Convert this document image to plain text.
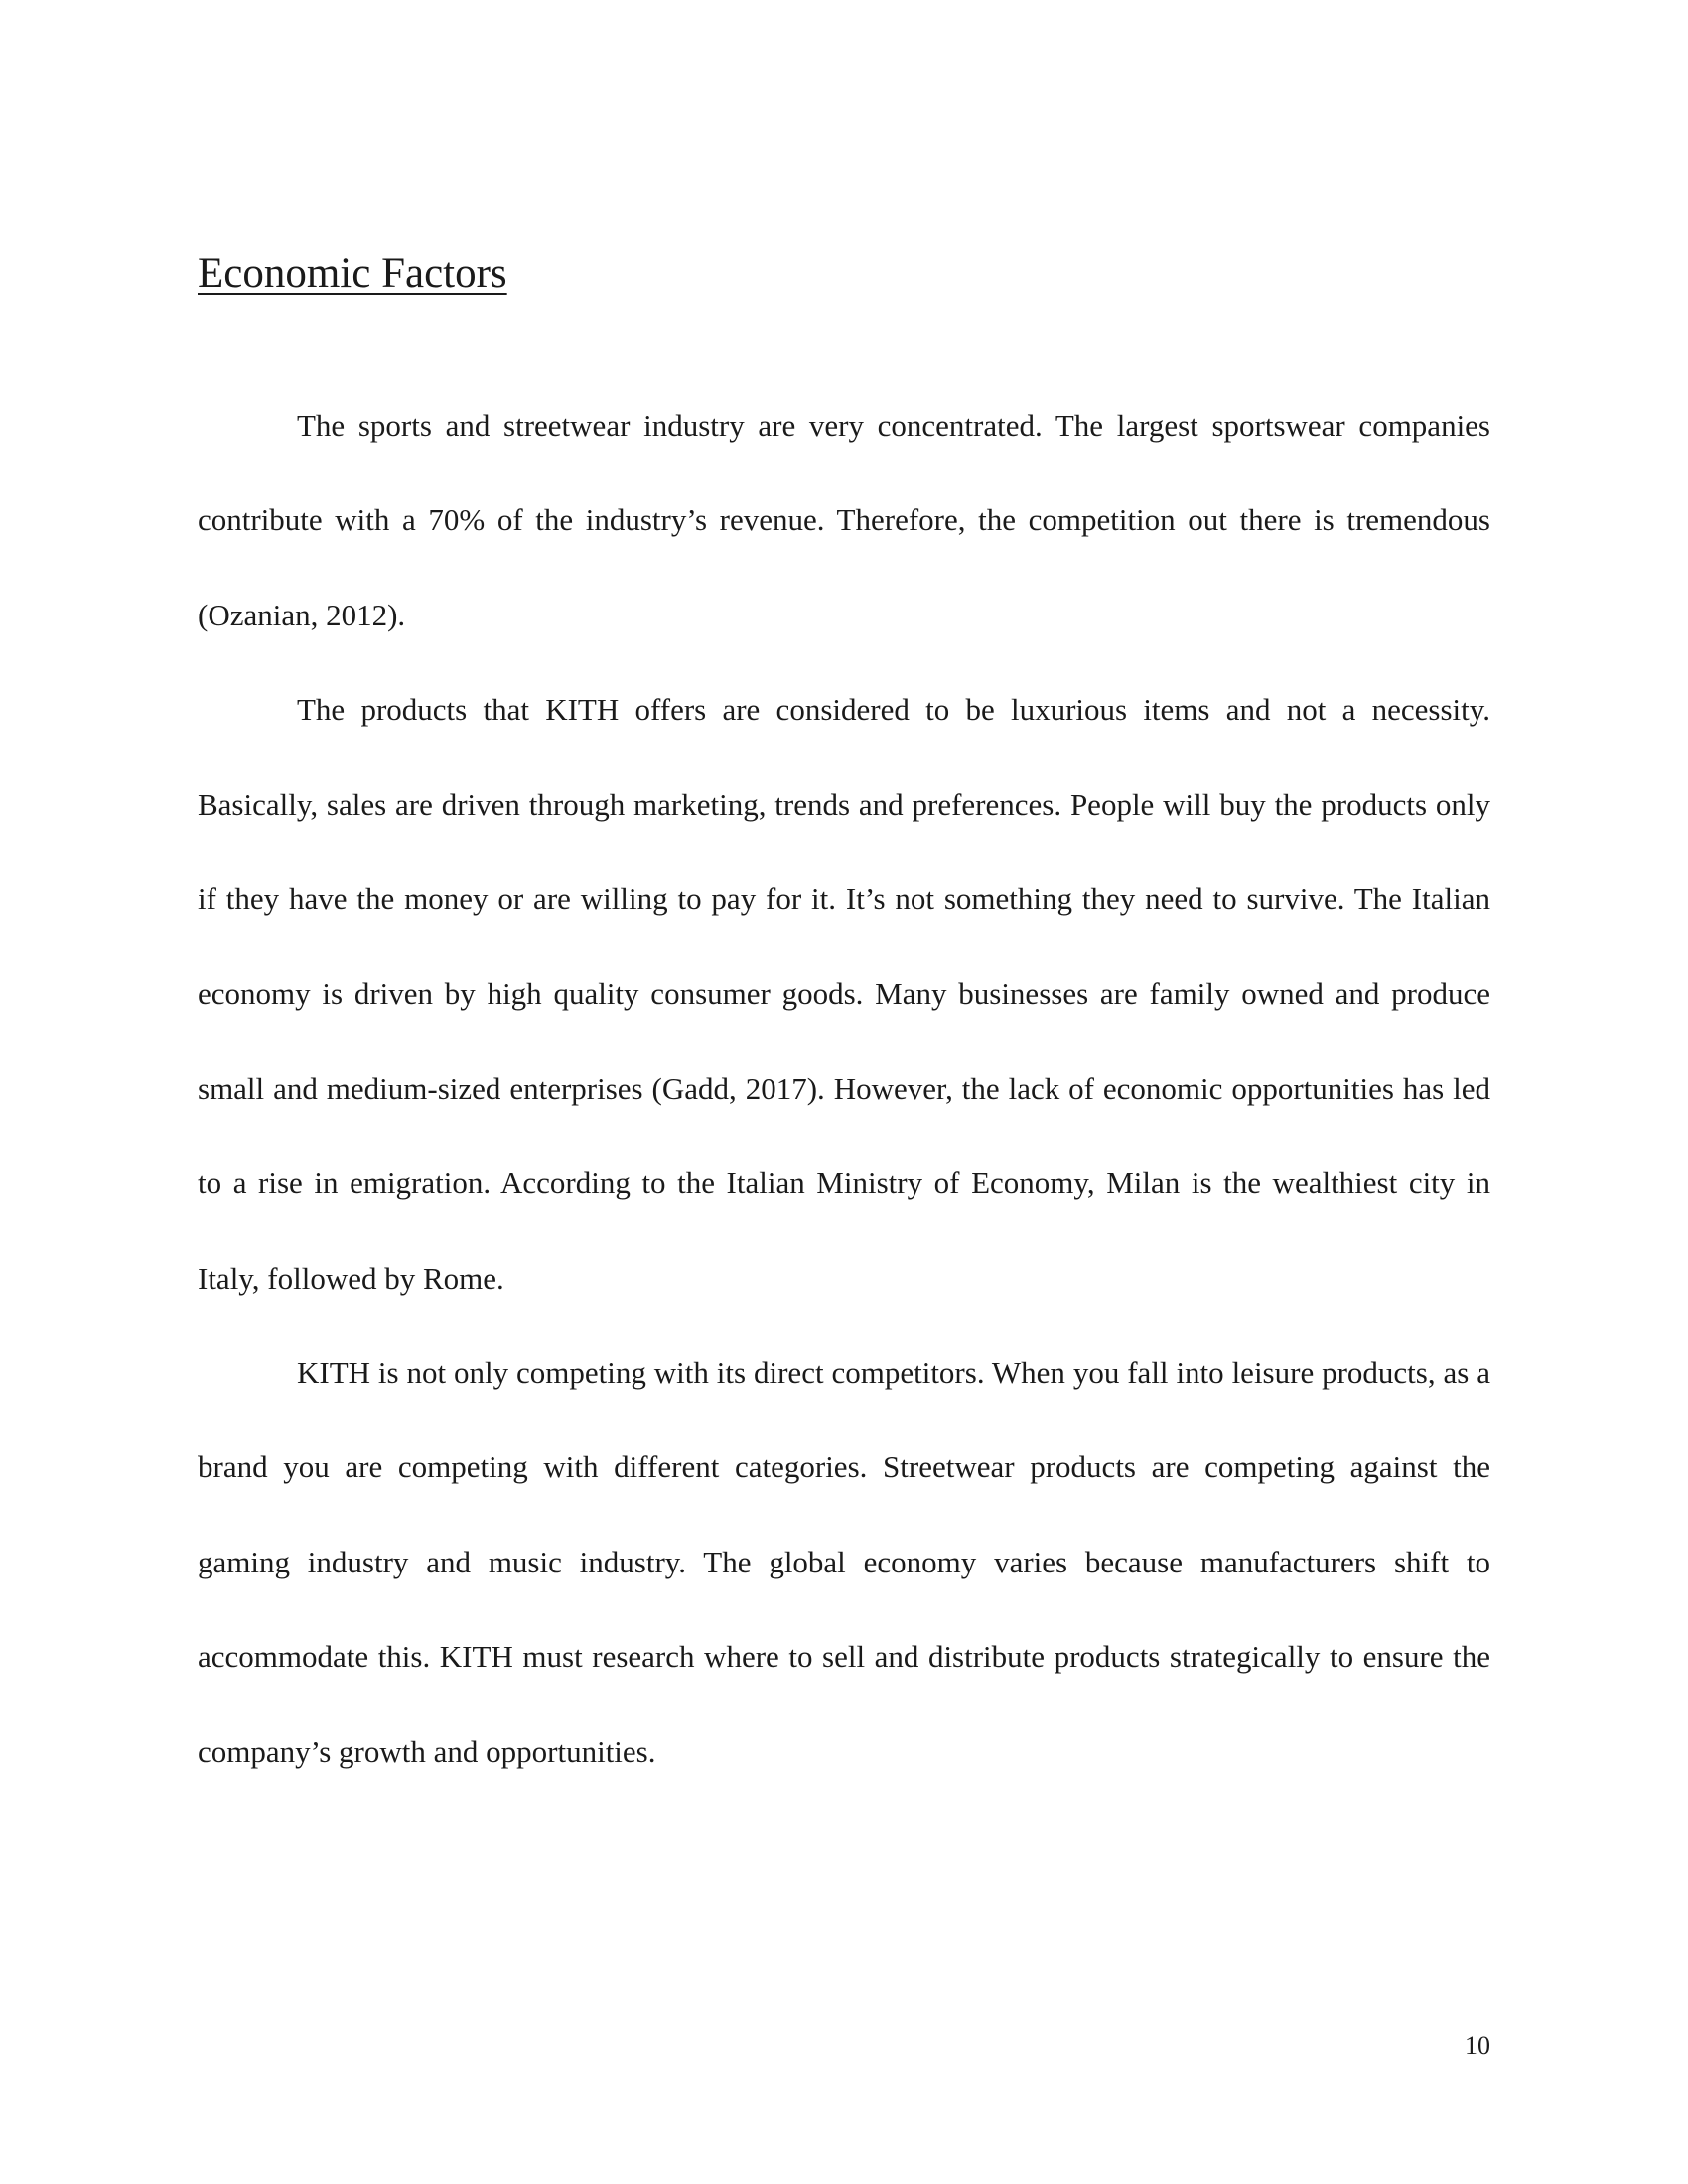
Economic Factors

The sports and streetwear industry are very concentrated. The largest sportswear companies contribute with a 70% of the industry’s revenue. Therefore, the competition out there is tremendous (Ozanian, 2012).

The products that KITH offers are considered to be luxurious items and not a necessity. Basically, sales are driven through marketing, trends and preferences. People will buy the products only if they have the money or are willing to pay for it. It’s not something they need to survive. The Italian economy is driven by high quality consumer goods. Many businesses are family owned and produce small and medium-sized enterprises (Gadd, 2017). However, the lack of economic opportunities has led to a rise in emigration. According to the Italian Ministry of Economy, Milan is the wealthiest city in Italy, followed by Rome.

KITH is not only competing with its direct competitors. When you fall into leisure products, as a brand you are competing with different categories. Streetwear products are competing against the gaming industry and music industry. The global economy varies because manufacturers shift to accommodate this. KITH must research where to sell and distribute products strategically to ensure the company’s growth and opportunities.

10
